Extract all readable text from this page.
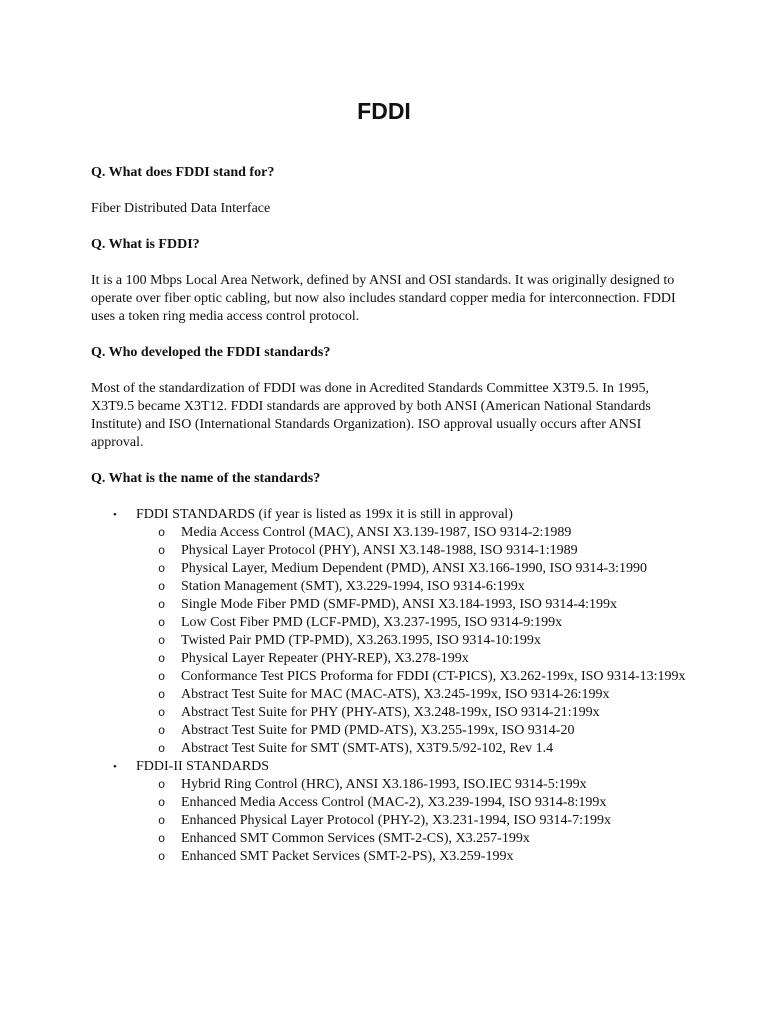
FDDI
Q. What does FDDI stand for?
Fiber Distributed Data Interface
Q. What is FDDI?
It is a 100 Mbps Local Area Network, defined by ANSI and OSI standards. It was originally designed to operate over fiber optic cabling, but now also includes standard copper media for interconnection. FDDI uses a token ring media access control protocol.
Q. Who developed the FDDI standards?
Most of the standardization of FDDI was done in Acredited Standards Committee X3T9.5. In 1995, X3T9.5 became X3T12. FDDI standards are approved by both ANSI (American National Standards Institute) and ISO (International Standards Organization). ISO approval usually occurs after ANSI approval.
Q. What is the name of the standards?
• FDDI STANDARDS (if year is listed as 199x it is still in approval)
o Media Access Control (MAC), ANSI X3.139-1987, ISO 9314-2:1989
o Physical Layer Protocol (PHY), ANSI X3.148-1988, ISO 9314-1:1989
o Physical Layer, Medium Dependent (PMD), ANSI X3.166-1990, ISO 9314-3:1990
o Station Management (SMT), X3.229-1994, ISO 9314-6:199x
o Single Mode Fiber PMD (SMF-PMD), ANSI X3.184-1993, ISO 9314-4:199x
o Low Cost Fiber PMD (LCF-PMD), X3.237-1995, ISO 9314-9:199x
o Twisted Pair PMD (TP-PMD), X3.263.1995, ISO 9314-10:199x
o Physical Layer Repeater (PHY-REP), X3.278-199x
o Conformance Test PICS Proforma for FDDI (CT-PICS), X3.262-199x, ISO 9314-13:199x
o Abstract Test Suite for MAC (MAC-ATS), X3.245-199x, ISO 9314-26:199x
o Abstract Test Suite for PHY (PHY-ATS), X3.248-199x, ISO 9314-21:199x
o Abstract Test Suite for PMD (PMD-ATS), X3.255-199x, ISO 9314-20
o Abstract Test Suite for SMT (SMT-ATS), X3T9.5/92-102, Rev 1.4
• FDDI-II STANDARDS
o Hybrid Ring Control (HRC), ANSI X3.186-1993, ISO.IEC 9314-5:199x
o Enhanced Media Access Control (MAC-2), X3.239-1994, ISO 9314-8:199x
o Enhanced Physical Layer Protocol (PHY-2), X3.231-1994, ISO 9314-7:199x
o Enhanced SMT Common Services (SMT-2-CS), X3.257-199x
o Enhanced SMT Packet Services (SMT-2-PS), X3.259-199x
